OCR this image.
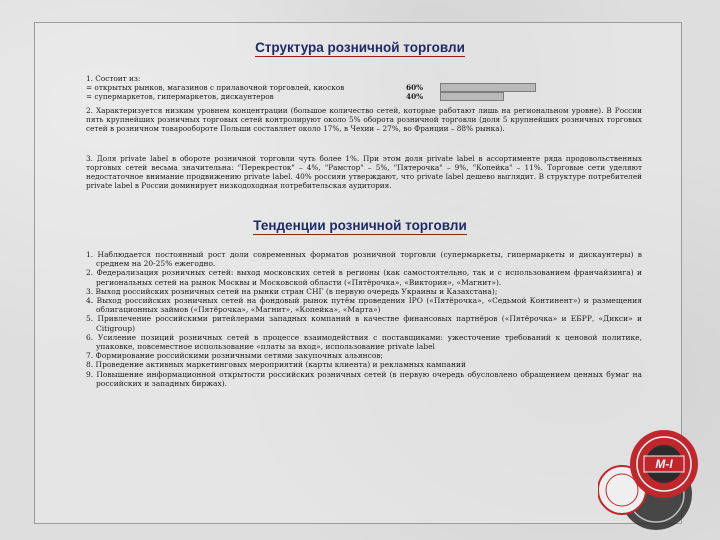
Структура розничной торговли
1. Состоит из:
= открытых рынков, магазинов с прилавочной торговлей, киосков	60%
= супермаркетов, гипермаркетов, дискаунтеров	40%
2. Характеризуется низким уровнем концентрации (большое количество сетей, которые работают лишь на региональном уровне). В России пять крупнейших розничных торговых сетей контролируют около 5% оборота розничной торговли (доля 5 крупнейших розничных торговых сетей в розничном товарообороте Польши составляет около 17%, в Чехии – 27%, во Франции – 88% рынка).
3. Доля private label в обороте розничной торговли чуть более 1%. При этом доля private label в ассортименте ряда продовольственных торговых сетей весьма значительна: "Перекресток" – 4%, "Рамстор" – 5%, "Пятерочка" – 9%, "Копейка" – 11%. Торговые сети уделяют недостаточное внимание продвижению private label. 40% россиян утверждают, что private label дешево выглядит. В структуре потребителей private label в России доминирует низкодоходная потребительская аудитория.
Тенденции розничной торговли
1. Наблюдается постоянный рост доли современных форматов розничной торговли (супермаркеты, гипермаркеты и дискаунтеры) в среднем на 20-25% ежегодно.
2. Федерализация розничных сетей: выход московских сетей в регионы (как самостоятельно, так и с использованием франчайзинга) и региональных сетей на рынок Москвы и Московской области («Пятёрочка», «Виктория», «Магнит»).
3. Выход российских розничных сетей на рынки стран СНГ (в первую очередь Украины и Казахстана);
4. Выход российских розничных сетей на фондовый рынок путём проведения IPO («Пятёрочка», «Седьмой Континент») и размещения облигационных займов («Пятёрочка», «Магнит», «Копейка», «Марта»)
5. Привлечение российскими ритейлерами западных компаний в качестве финансовых партнёров («Пятёрочка» и ЕБРР, «Дикси» и Citigroup)
6. Усиление позиций розничных сетей в процессе взаимодействия с поставщиками: ужесточение требований к ценовой политике, упаковке, повсеместное использование «платы за вход», использование private label
7. Формирование российскими розничными сетями закупочных альянсов;
8. Проведение активных маркетинговых мероприятий (карты клиента) и рекламных кампаний
9. Повышение информационной открытости российских розничных сетей (в первую очередь обусловлено обращением ценных бумаг на российских и западных биржах).
M-I
